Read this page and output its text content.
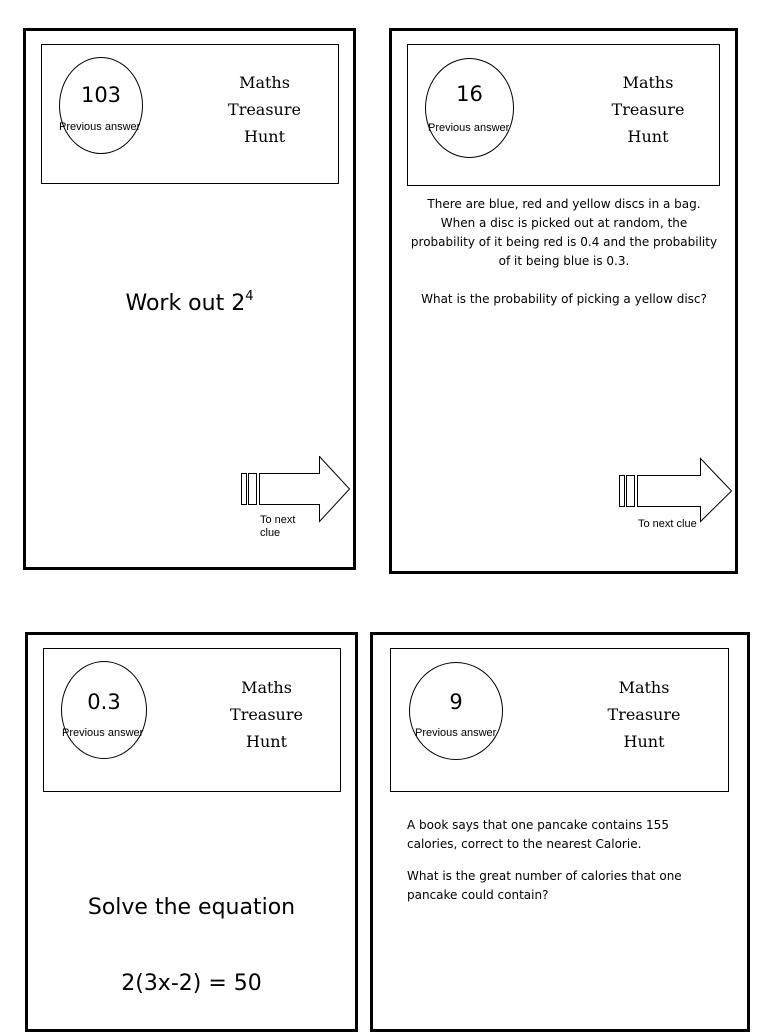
103
Previous answer
Maths
Treasure
Hunt
Work out $2^4$
To next clue
16
Previous answer
Maths
Treasure
Hunt

There are blue, red and yellow discs in a bag. When a disc is picked out at random, the probability of it being red is 0.4 and the probability of it being blue is 0.3.

What is the probability of picking a yellow disc?

To next clue
0.3
Previous answer
Maths
Treasure
Hunt
Solve the equation
2(3x-2) = 50
9
Previous answer
Maths
Treasure
Hunt

A book says that one pancake contains 155 calories, correct to the nearest Calorie.

What is the great number of calories that one pancake could contain?
